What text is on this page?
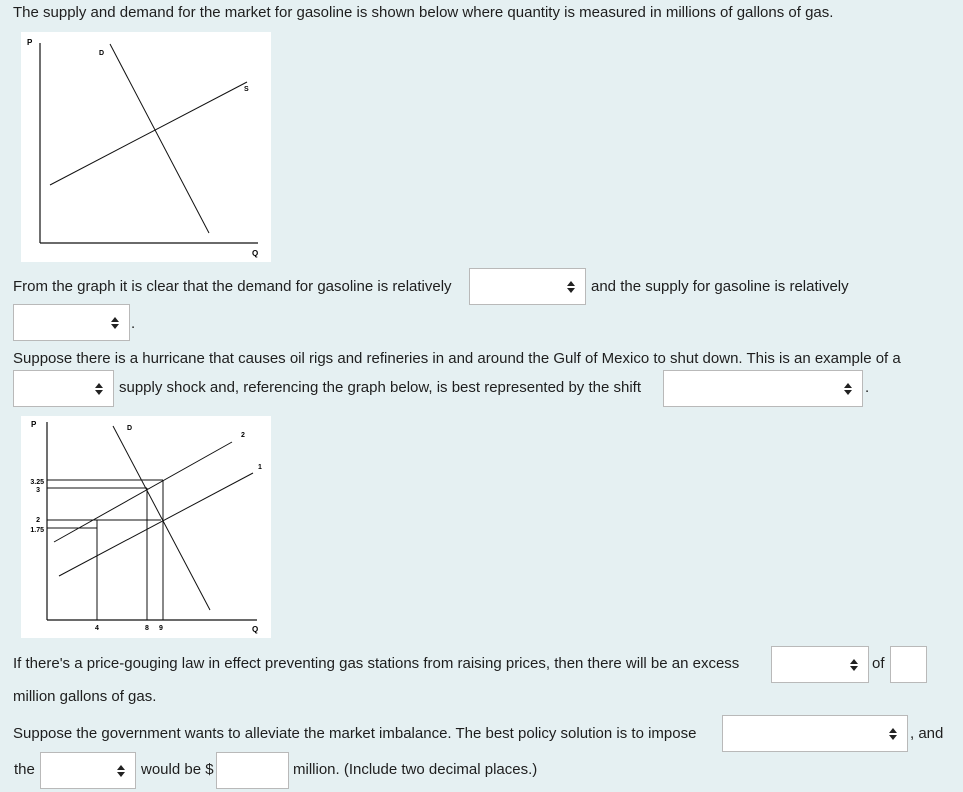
The supply and demand for the market for gasoline is shown below where quantity is measured in millions of gallons of gas.
P
Q
D
S
From the graph it is clear that the demand for gasoline is relatively	and the supply for gasoline is relatively
.
Suppose there is a hurricane that causes oil rigs and refineries in and around the Gulf of Mexico to shut down. This is an example of a
supply shock and, referencing the graph below, is best represented by the shift	.
P
Q
D
2
1
3.25
3
2
1.75
4	8 9
If there's a price-gouging law in effect preventing gas stations from raising prices, then there will be an excess	of
million gallons of gas.
Suppose the government wants to alleviate the market imbalance. The best policy solution is to impose	, and
the	would be $	million. (Include two decimal places.)
